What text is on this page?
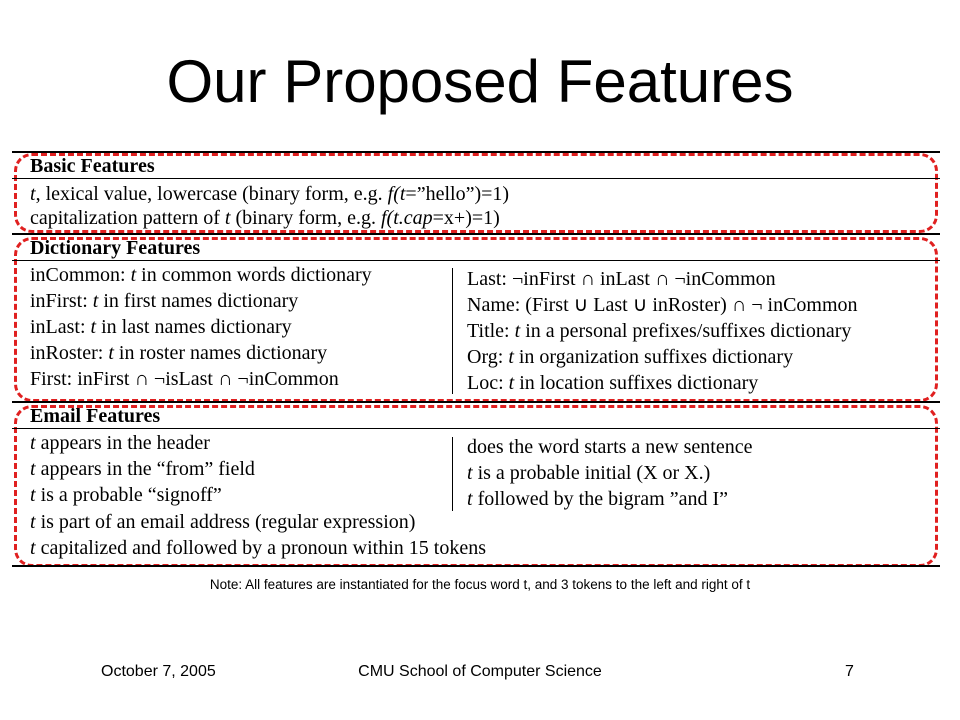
Our Proposed Features
Basic Features
t, lexical value, lowercase (binary form, e.g. f(t=”hello”)=1)
capitalization pattern of t (binary form, e.g. f(t.cap=x+)=1)
Dictionary Features
inCommon: t in common words dictionary
inFirst: t in first names dictionary
inLast: t in last names dictionary
inRoster: t in roster names dictionary
First: inFirst ∩ ¬isLast ∩ ¬inCommon
Last: ¬inFirst ∩ inLast ∩ ¬inCommon
Name: (First ∪ Last ∪ inRoster) ∩ ¬ inCommon
Title: t in a personal prefixes/suffixes dictionary
Org: t in organization suffixes dictionary
Loc: t in location suffixes dictionary
Email Features
t appears in the header
t appears in the “from” field
t is a probable “signoff”
t is part of an email address (regular expression)
t capitalized and followed by a pronoun within 15 tokens
does the word starts a new sentence
t is a probable initial (X or X.)
t followed by the bigram ”and I”
Note: All features are instantiated for the focus word t, and 3 tokens to the left and right of t
October 7, 2005	CMU School of Computer Science	7
